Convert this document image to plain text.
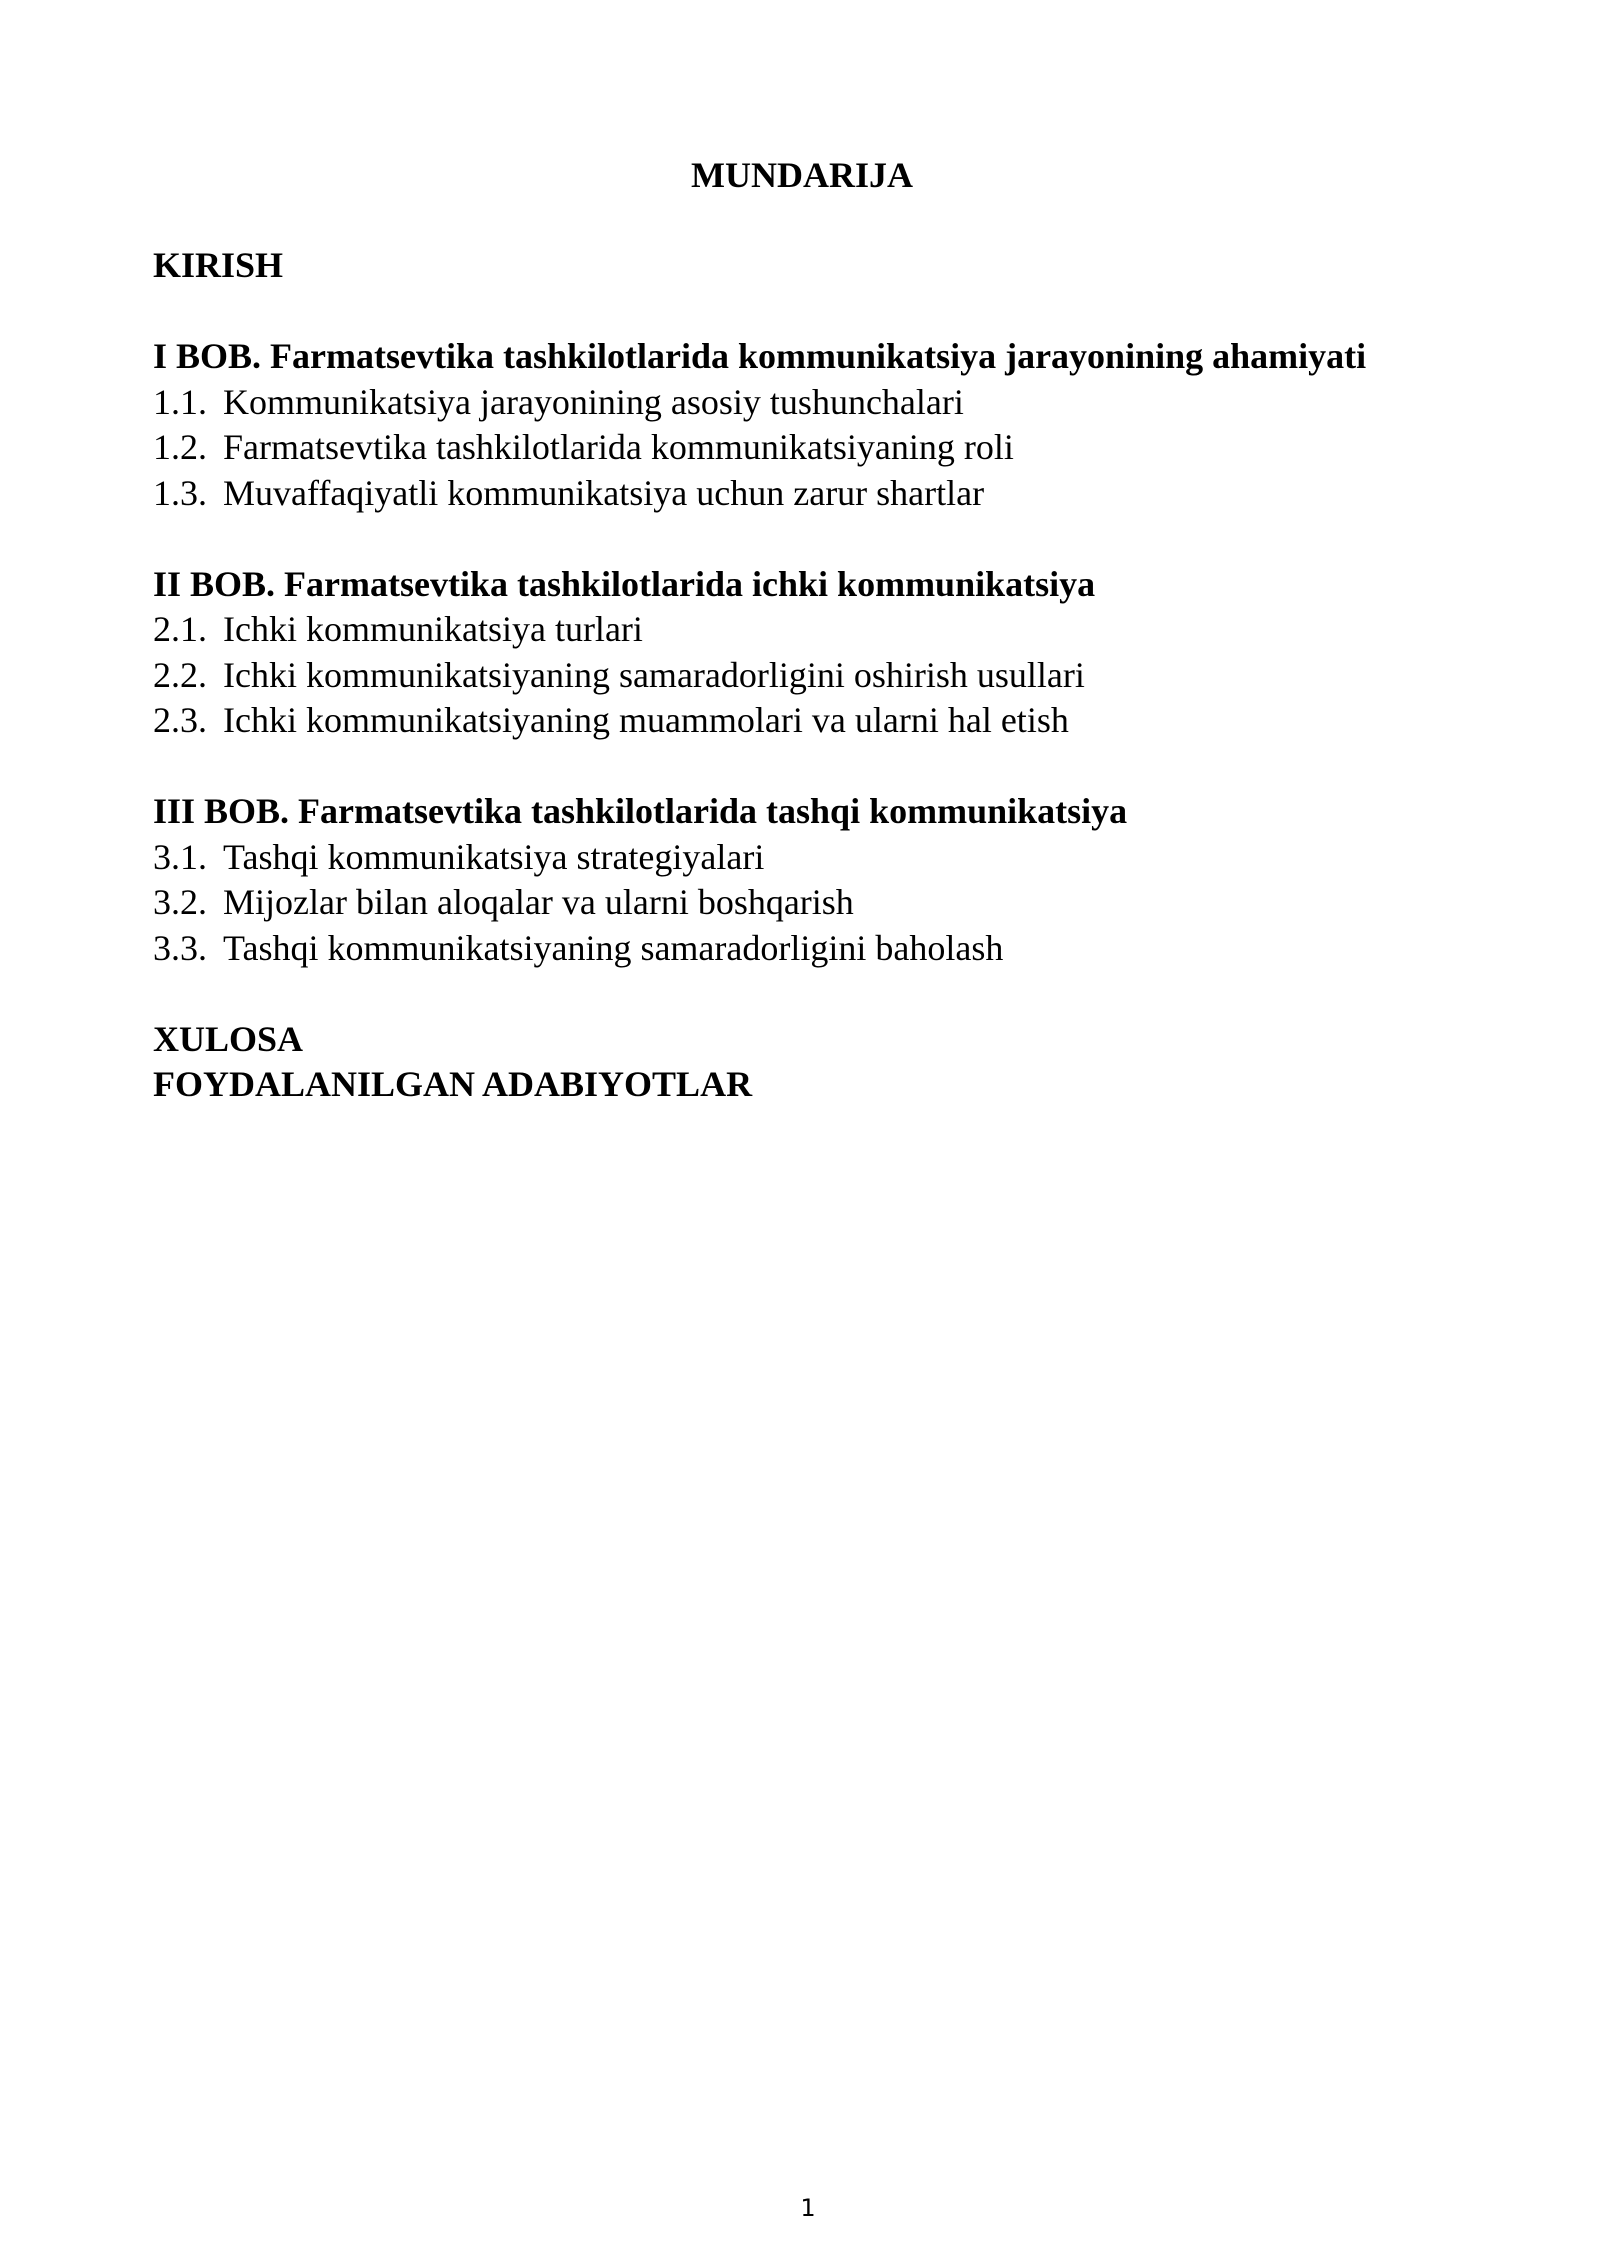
MUNDARIJA
KIRISH
I BOB. Farmatsevtika tashkilotlarida kommunikatsiya jarayonining ahamiyati
1.1. Kommunikatsiya jarayonining asosiy tushunchalari
1.2. Farmatsevtika tashkilotlarida kommunikatsiyaning roli
1.3. Muvaffaqiyatli kommunikatsiya uchun zarur shartlar
II BOB. Farmatsevtika tashkilotlarida ichki kommunikatsiya
2.1. Ichki kommunikatsiya turlari
2.2. Ichki kommunikatsiyaning samaradorligini oshirish usullari
2.3. Ichki kommunikatsiyaning muammolari va ularni hal etish
III BOB. Farmatsevtika tashkilotlarida tashqi kommunikatsiya
3.1. Tashqi kommunikatsiya strategiyalari
3.2. Mijozlar bilan aloqalar va ularni boshqarish
3.3. Tashqi kommunikatsiyaning samaradorligini baholash
XULOSA
FOYDALANILGAN ADABIYOTLAR
1
